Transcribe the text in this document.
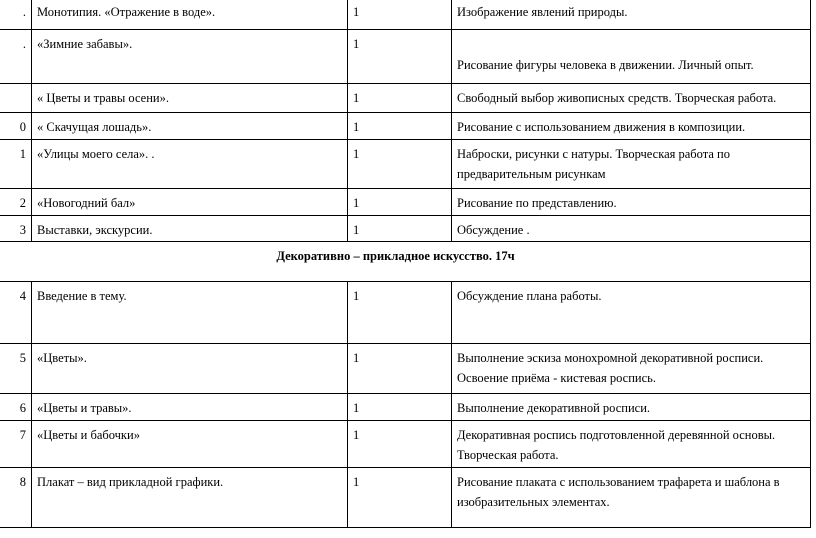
.	Монотипия. «Отражение в воде».	1	Изображение явлений природы.
.	«Зимние забавы».	1	Рисование фигуры человека в движении. Личный опыт.
	« Цветы и травы осени».	1	Свободный выбор живописных средств. Творческая работа.
0	« Скачущая лошадь».	1	Рисование с использованием движения в композиции.
1	«Улицы моего села». .	1	Наброски, рисунки с натуры. Творческая работа по предварительным рисункам
2	«Новогодний бал»	1	Рисование по представлению.
3	Выставки, экскурсии.	1	Обсуждение .
Декоративно – прикладное искусство. 17ч			
4	Введение в тему.	1	Обсуждение плана работы.
5	«Цветы».	1	Выполнение эскиза монохромной декоративной росписи. Освоение приёма - кистевая роспись.
6	«Цветы и травы».	1	Выполнение декоративной росписи.
7	«Цветы и бабочки»	1	Декоративная роспись подготовленной деревянной основы. Творческая работа.
8	Плакат – вид прикладной графики.	1	Рисование плаката с использованием трафарета и шаблона в изобразительных элементах.
